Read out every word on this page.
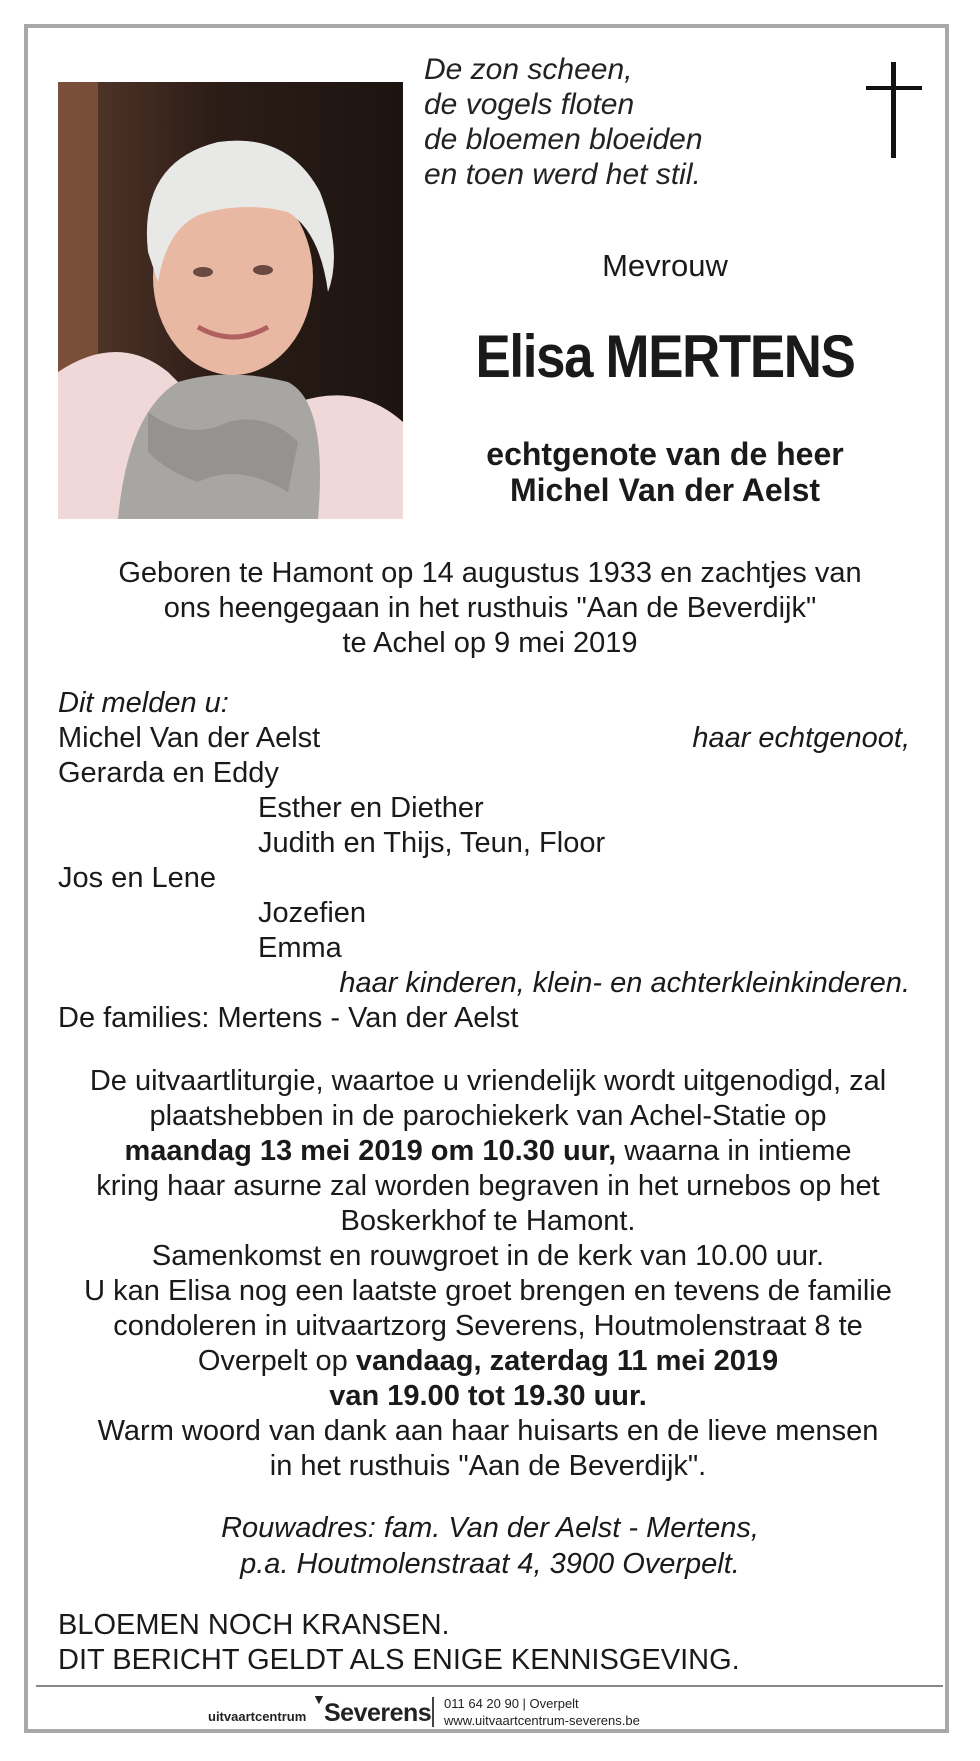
De zon scheen,
de vogels floten
de bloemen bloeiden
en toen werd het stil.
Mevrouw
Elisa MERTENS
echtgenote van de heer
Michel Van der Aelst
Geboren te Hamont op 14 augustus 1933 en zachtjes van
ons heengegaan in het rusthuis "Aan de Beverdijk"
te Achel op 9 mei 2019
Dit melden u:
Michel Van der Aelst	haar echtgenoot,
Gerarda en Eddy
Esther en Diether
Judith en Thijs, Teun, Floor
Jos en Lene
Jozefien
Emma
haar kinderen, klein- en achterkleinkinderen.
De families: Mertens - Van der Aelst
De uitvaartliturgie, waartoe u vriendelijk wordt uitgenodigd, zal
plaatshebben in de parochiekerk van Achel-Statie op
maandag 13 mei 2019 om 10.30 uur, waarna in intieme
kring haar asurne zal worden begraven in het urnebos op het
Boskerkhof te Hamont.
Samenkomst en rouwgroet in de kerk van 10.00 uur.
U kan Elisa nog een laatste groet brengen en tevens de familie
condoleren in uitvaartzorg Severens, Houtmolenstraat 8 te
Overpelt op vandaag, zaterdag 11 mei 2019
van 19.00 tot 19.30 uur.
Warm woord van dank aan haar huisarts en de lieve mensen
in het rusthuis "Aan de Beverdijk".
Rouwadres: fam. Van der Aelst - Mertens,
p.a. Houtmolenstraat 4, 3900 Overpelt.
BLOEMEN NOCH KRANSEN.
DIT BERICHT GELDT ALS ENIGE KENNISGEVING.
uitvaartcentrum
▼
Severens 011 64 20 90 | Overpelt
www.uitvaartcentrum-severens.be
